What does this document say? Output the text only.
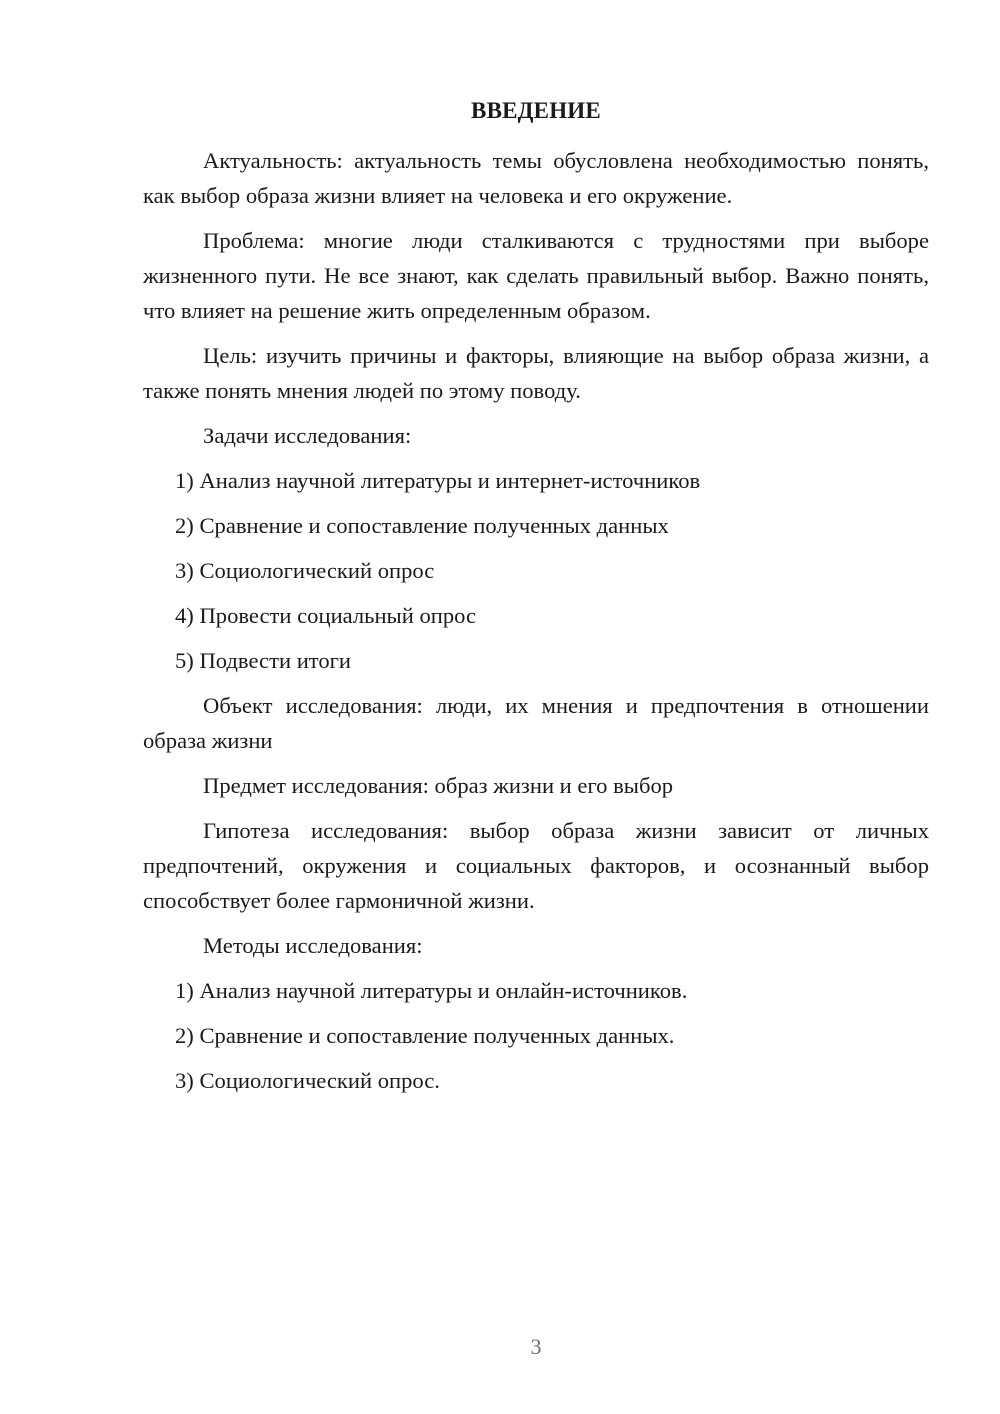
ВВЕДЕНИЕ

Актуальность: актуальность темы обусловлена необходимостью понять, как выбор образа жизни влияет на человека и его окружение.

Проблема: многие люди сталкиваются с трудностями при выборе жизненного пути. Не все знают, как сделать правильный выбор. Важно понять, что влияет на решение жить определенным образом.

Цель: изучить причины и факторы, влияющие на выбор образа жизни, а также понять мнения людей по этому поводу.

Задачи исследования:

1) Анализ научной литературы и интернет-источников
2) Сравнение и сопоставление полученных данных
3) Социологический опрос
4) Провести социальный опрос
5) Подвести итоги

Объект исследования: люди, их мнения и предпочтения в отношении образа жизни

Предмет исследования: образ жизни и его выбор

Гипотеза исследования: выбор образа жизни зависит от личных предпочтений, окружения и социальных факторов, и осознанный выбор способствует более гармоничной жизни.

Методы исследования:

1) Анализ научной литературы и онлайн-источников.
2) Сравнение и сопоставление полученных данных.
3) Социологический опрос.
3
